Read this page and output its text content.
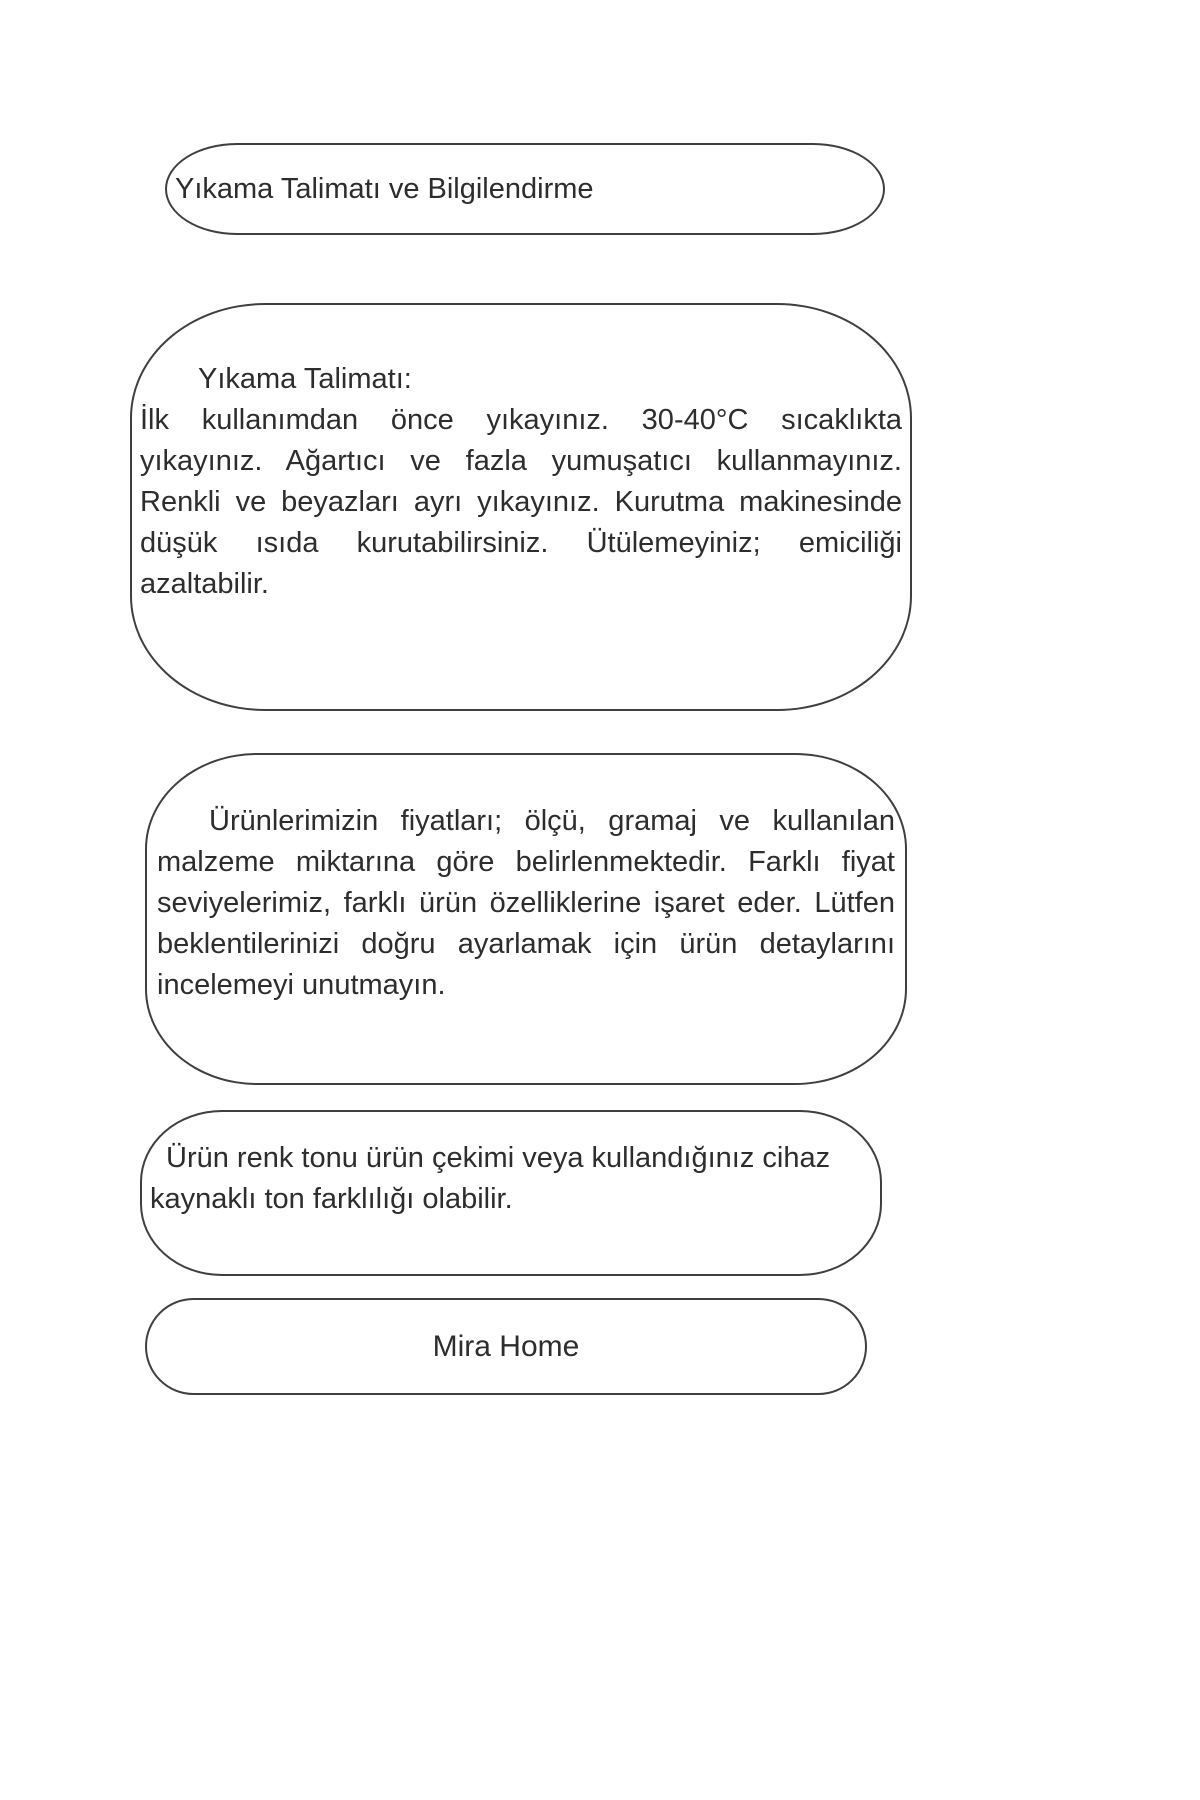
Yıkama Talimatı ve Bilgilendirme

Yıkama Talimatı:

İlk kullanımdan önce yıkayınız. 30-40°C sıcaklıkta yıkayınız. Ağartıcı ve fazla yumuşatıcı kullanmayınız. Renkli ve beyazları ayrı yıkayınız. Kurutma makinesinde düşük ısıda kurutabilirsiniz. Ütülemeyiniz; emiciliği azaltabilir.

Ürünlerimizin fiyatları; ölçü, gramaj ve kullanılan malzeme miktarına göre belirlenmektedir. Farklı fiyat seviyelerimiz, farklı ürün özelliklerine işaret eder. Lütfen beklentilerinizi doğru ayarlamak için ürün detaylarını incelemeyi unutmayın.

Ürün renk tonu ürün çekimi veya kullandığınız cihaz kaynaklı ton farklılığı olabilir.

Mira Home
